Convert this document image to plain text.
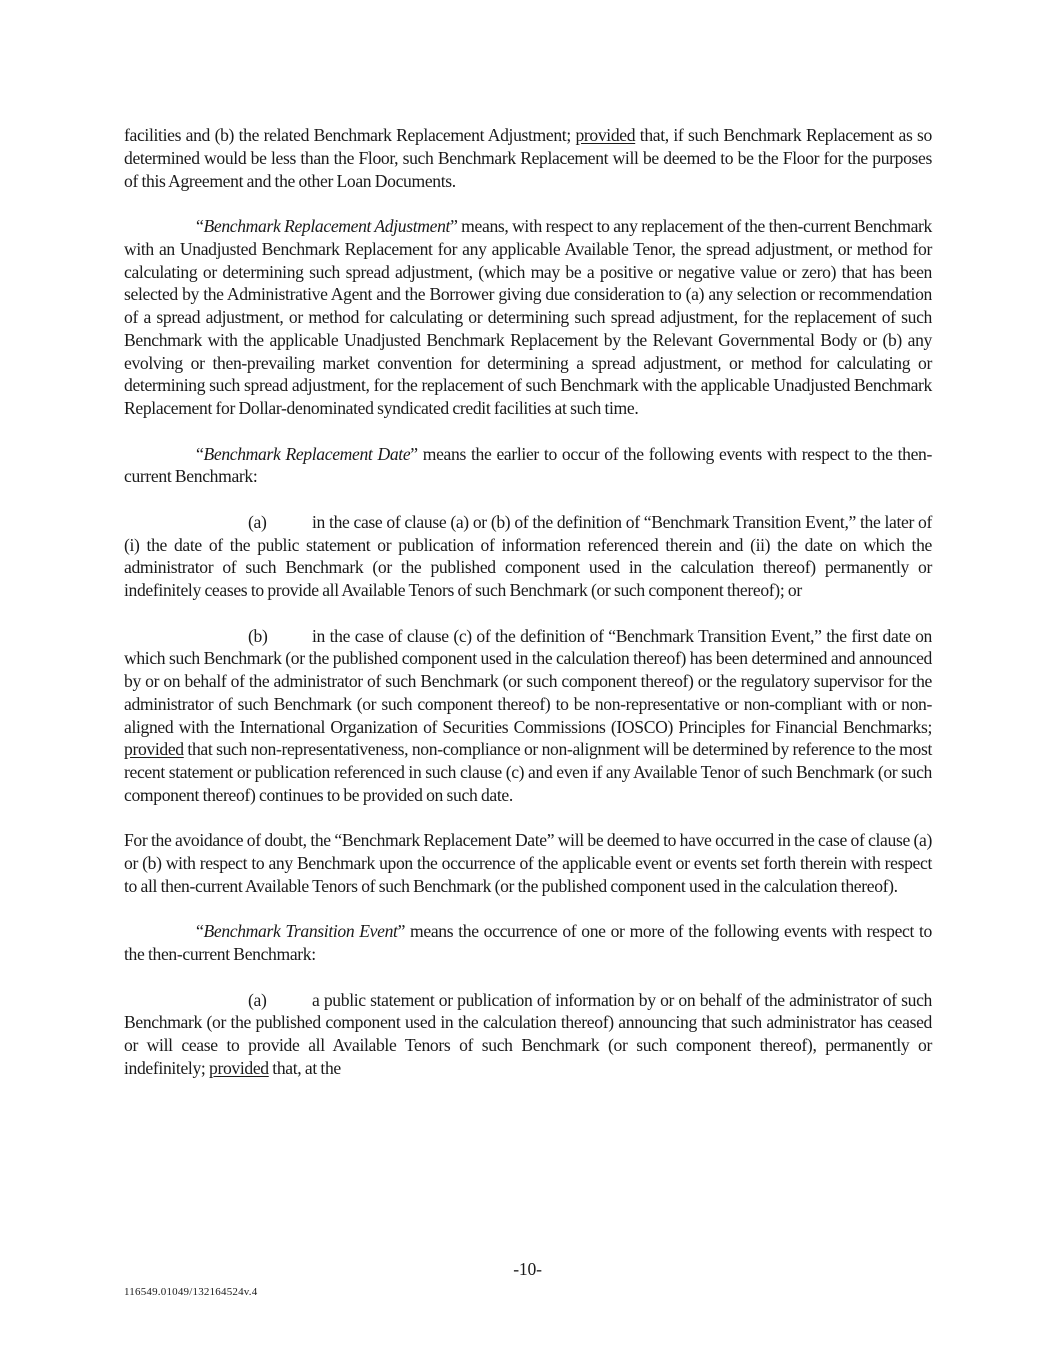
facilities and (b) the related Benchmark Replacement Adjustment; provided that, if such Benchmark Replacement as so determined would be less than the Floor, such Benchmark Replacement will be deemed to be the Floor for the purposes of this Agreement and the other Loan Documents.

“Benchmark Replacement Adjustment” means, with respect to any replacement of the then-current Benchmark with an Unadjusted Benchmark Replacement for any applicable Available Tenor, the spread adjustment, or method for calculating or determining such spread adjustment, (which may be a positive or negative value or zero) that has been selected by the Administrative Agent and the Borrower giving due consideration to (a) any selection or recommendation of a spread adjustment, or method for calculating or determining such spread adjustment, for the replacement of such Benchmark with the applicable Unadjusted Benchmark Replacement by the Relevant Governmental Body or (b) any evolving or then-prevailing market convention for determining a spread adjustment, or method for calculating or determining such spread adjustment, for the replacement of such Benchmark with the applicable Unadjusted Benchmark Replacement for Dollar-denominated syndicated credit facilities at such time.

“Benchmark Replacement Date” means the earlier to occur of the following events with respect to the then-current Benchmark:

(a)	in the case of clause (a) or (b) of the definition of “Benchmark Transition Event,” the later of (i) the date of the public statement or publication of information referenced therein and (ii) the date on which the administrator of such Benchmark (or the published component used in the calculation thereof) permanently or indefinitely ceases to provide all Available Tenors of such Benchmark (or such component thereof); or

(b)	in the case of clause (c) of the definition of “Benchmark Transition Event,” the first date on which such Benchmark (or the published component used in the calculation thereof) has been determined and announced by or on behalf of the administrator of such Benchmark (or such component thereof) or the regulatory supervisor for the administrator of such Benchmark (or such component thereof) to be non-representative or non-compliant with or non-aligned with the International Organization of Securities Commissions (IOSCO) Principles for Financial Benchmarks; provided that such non-representativeness, non-compliance or non-alignment will be determined by reference to the most recent statement or publication referenced in such clause (c) and even if any Available Tenor of such Benchmark (or such component thereof) continues to be provided on such date.

For the avoidance of doubt, the “Benchmark Replacement Date” will be deemed to have occurred in the case of clause (a) or (b) with respect to any Benchmark upon the occurrence of the applicable event or events set forth therein with respect to all then-current Available Tenors of such Benchmark (or the published component used in the calculation thereof).

“Benchmark Transition Event” means the occurrence of one or more of the following events with respect to the then-current Benchmark:

(a)	a public statement or publication of information by or on behalf of the administrator of such Benchmark (or the published component used in the calculation thereof) announcing that such administrator has ceased or will cease to provide all Available Tenors of such Benchmark (or such component thereof), permanently or indefinitely; provided that, at the

-10-
116549.01049/132164524v.4
